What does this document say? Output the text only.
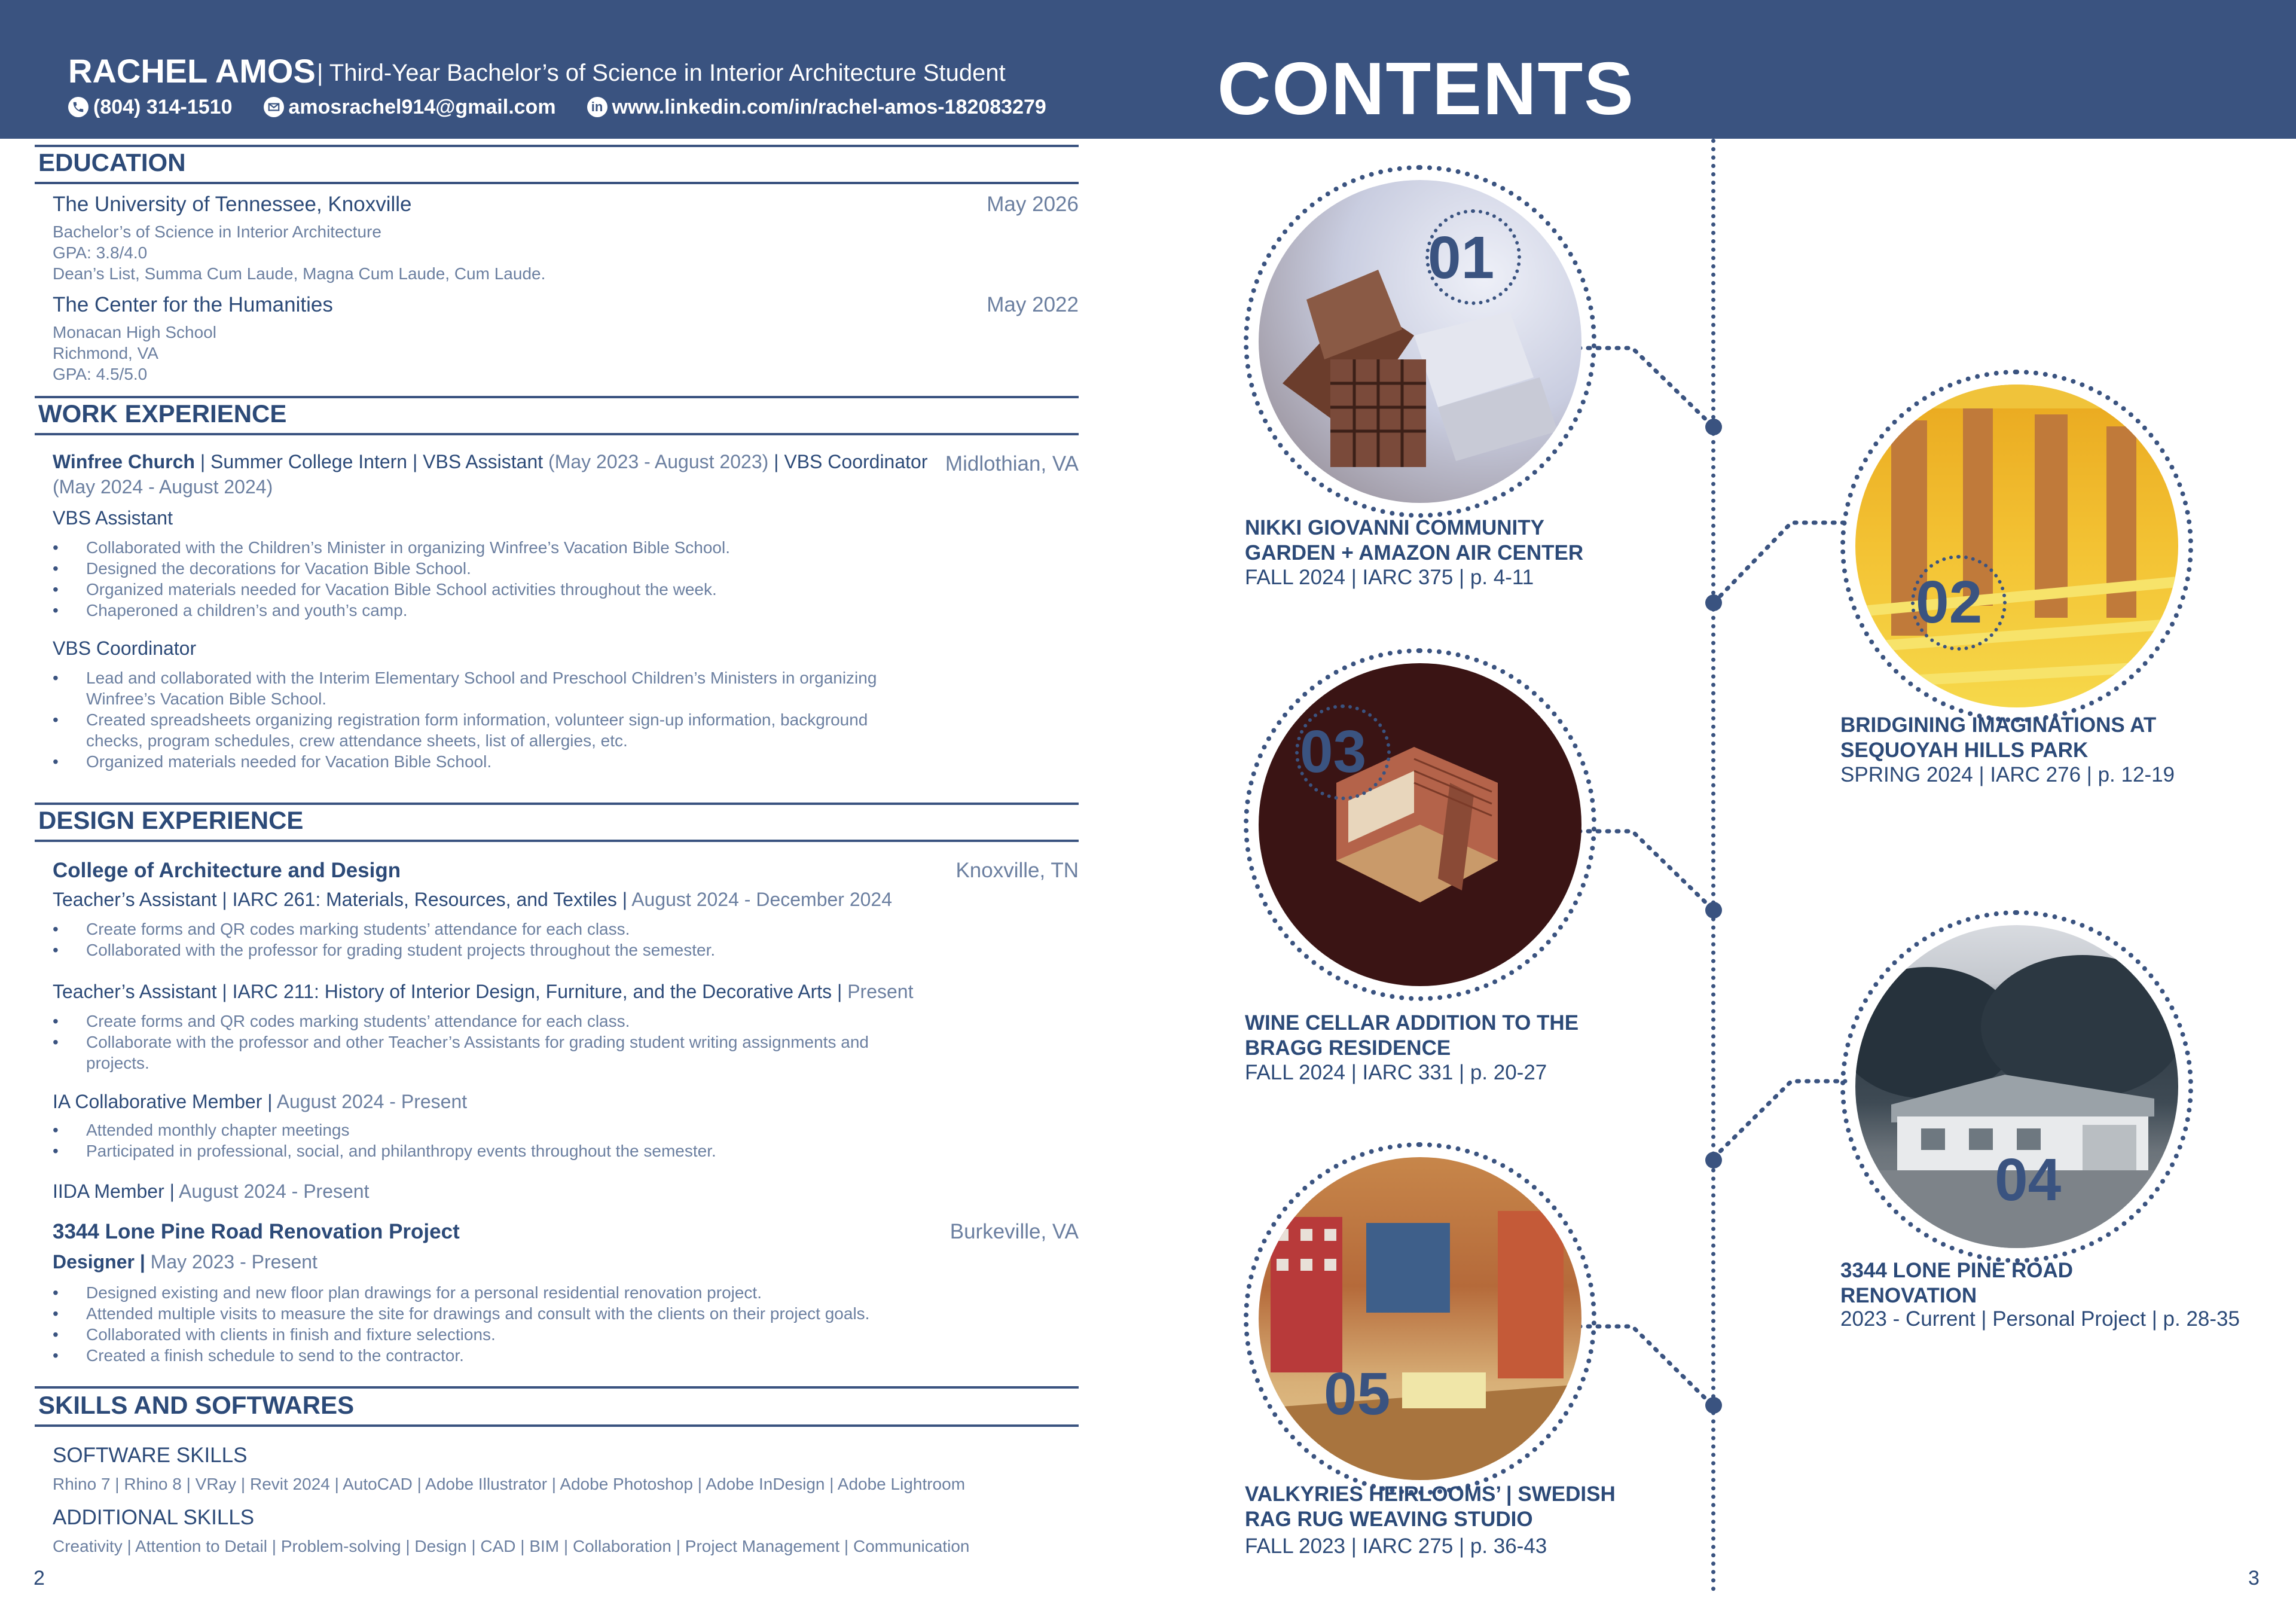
RACHEL AMOS | Third-Year Bachelor’s of Science in Interior Architecture Student
(804) 314-1510	amosrachel914@gmail.com	in www.linkedin.com/in/rachel-amos-182083279 CONTENTS
EDUCATION
The University of Tennessee, Knoxville	May 2026
Bachelor’s of Science in Interior Architecture
GPA: 3.8/4.0
Dean’s List, Summa Cum Laude, Magna Cum Laude, Cum Laude.
The Center for the Humanities	May 2022
Monacan High School
Richmond, VA
GPA: 4.5/5.0
WORK EXPERIENCE
Winfree Church | Summer College Intern | VBS Assistant (May 2023 - August 2023) | VBS Coordinator Midlothian, VA
(May 2024 - August 2024)
VBS Assistant
• Collaborated with the Children’s Minister in organizing Winfree’s Vacation Bible School.
• Designed the decorations for Vacation Bible School.
• Organized materials needed for Vacation Bible School activities throughout the week.
• Chaperoned a children’s and youth’s camp.
VBS Coordinator
• Lead and collaborated with the Interim Elementary School and Preschool Children’s Ministers in organizing
Winfree’s Vacation Bible School.
• Created spreadsheets organizing registration form information, volunteer sign-up information, background
checks, program schedules, crew attendance sheets, list of allergies, etc.
• Organized materials needed for Vacation Bible School.
DESIGN EXPERIENCE
College of Architecture and Design	Knoxville, TN
Teacher’s Assistant | IARC 261: Materials, Resources, and Textiles | August 2024 - December 2024
• Create forms and QR codes marking students’ attendance for each class.
• Collaborated with the professor for grading student projects throughout the semester.
Teacher’s Assistant | IARC 211: History of Interior Design, Furniture, and the Decorative Arts | Present
• Create forms and QR codes marking students’ attendance for each class.
• Collaborate with the professor and other Teacher’s Assistants for grading student writing assignments and
projects.
IA Collaborative Member | August 2024 - Present
• Attended monthly chapter meetings
• Participated in professional, social, and philanthropy events throughout the semester.
IIDA Member | August 2024 - Present
3344 Lone Pine Road Renovation Project	Burkeville, VA
Designer | May 2023 - Present
• Designed existing and new floor plan drawings for a personal residential renovation project.
• Attended multiple visits to measure the site for drawings and consult with the clients on their project goals.
• Collaborated with clients in finish and fixture selections.
• Created a finish schedule to send to the contractor.
SKILLS AND SOFTWARES
SOFTWARE SKILLS
Rhino 7 | Rhino 8 | VRay | Revit 2024 | AutoCAD | Adobe Illustrator | Adobe Photoshop | Adobe InDesign | Adobe Lightroom
ADDITIONAL SKILLS
Creativity | Attention to Detail | Problem-solving | Design | CAD | BIM | Collaboration | Project Management | Communication
2	3
01
NIKKI GIOVANNI COMMUNITY
GARDEN + AMAZON AIR CENTER
FALL 2024 | IARC 375 | p. 4-11	02
BRIDGINING IMAGINATIONS AT
SEQUOYAH HILLS PARK
SPRING 2024 | IARC 276 | p. 12-19
03
WINE CELLAR ADDITION TO THE
BRAGG RESIDENCE
FALL 2024 | IARC 331 | p. 20-27
04
3344 LONE PINE ROAD
RENOVATION
2023 - Current | Personal Project | p. 28-35
05
VALKYRIES HEIRLOOMS’ | SWEDISH
RAG RUG WEAVING STUDIO
FALL 2023 | IARC 275 | p. 36-43
